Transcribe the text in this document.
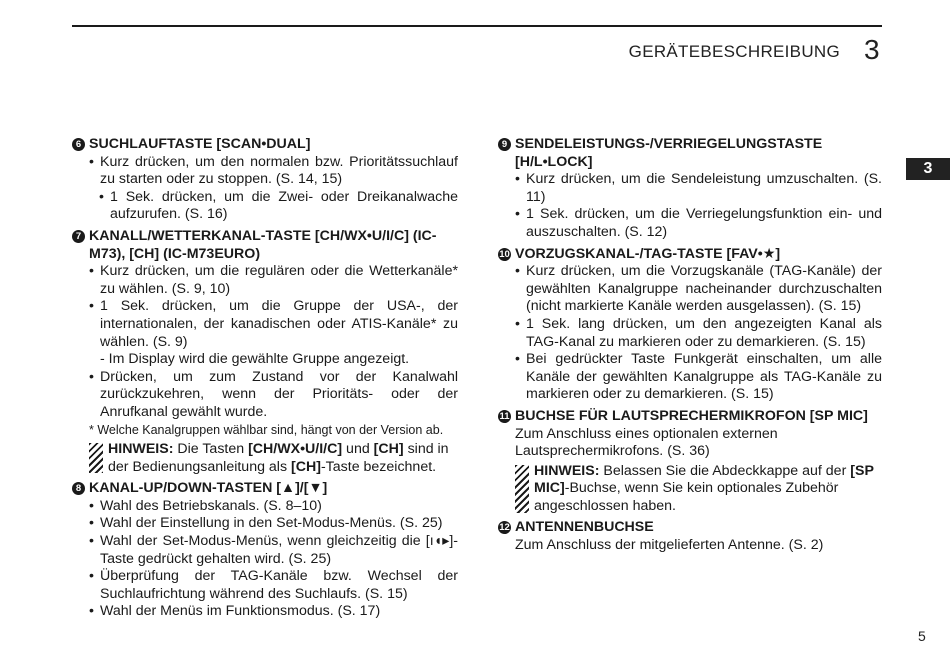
GERÄTEBESCHREIBUNG 3
3
5
6 SUCHLAUFTASTE [SCAN•DUAL]
• Kurz drücken, um den normalen bzw. Prioritätssuchlauf zu starten oder zu stoppen. (S. 14, 15)
• 1 Sek. drücken, um die Zwei- oder Dreikanalwache aufzurufen. (S. 16)
7 KANALL/WETTERKANAL-TASTE [CH/WX•U/I/C] (IC-M73), [CH] (IC-M73EURO)
• Kurz drücken, um die regulären oder die Wetterkanäle* zu wählen. (S. 9, 10)
• 1 Sek. drücken, um die Gruppe der USA-, der internationalen, der kanadischen oder ATIS-Kanäle* zu wählen. (S. 9)
- Im Display wird die gewählte Gruppe angezeigt.
• Drücken, um zum Zustand vor der Kanalwahl zurückzukehren, wenn der Prioritäts- oder der Anrufkanal gewählt wurde.
* Welche Kanalgruppen wählbar sind, hängt von der Version ab.
HINWEIS: Die Tasten [CH/WX•U/I/C] und [CH] sind in der Bedienungsanleitung als [CH]-Taste bezeichnet.
8 KANAL-UP/DOWN-TASTEN [▲]/[▼]
• Wahl des Betriebskanals. (S. 8–10)
• Wahl der Einstellung in den Set-Modus-Menüs. (S. 25)
• Wahl der Set-Modus-Menüs, wenn gleichzeitig die [ı◖▸]-Taste gedrückt gehalten wird. (S. 25)
• Überprüfung der TAG-Kanäle bzw. Wechsel der Suchlaufrichtung während des Suchlaufs. (S. 15)
• Wahl der Menüs im Funktionsmodus. (S. 17)
9 SENDELEISTUNGS-/VERRIEGELUNGSTASTE [H/L•LOCK]
• Kurz drücken, um die Sendeleistung umzuschalten. (S. 11)
• 1 Sek. drücken, um die Verriegelungsfunktion ein- und auszuschalten. (S. 12)
10 VORZUGSKANAL-/TAG-TASTE [FAV•★]
• Kurz drücken, um die Vorzugskanäle (TAG-Kanäle) der gewählten Kanalgruppe nacheinander durchzuschalten (nicht markierte Kanäle werden ausgelassen). (S. 15)
• 1 Sek. lang drücken, um den angezeigten Kanal als TAG-Kanal zu markieren oder zu demarkieren. (S. 15)
• Bei gedrückter Taste Funkgerät einschalten, um alle Kanäle der gewählten Kanalgruppe als TAG-Kanäle zu markieren oder zu demarkieren. (S. 15)
11 BUCHSE FÜR LAUTSPRECHERMIKROFON [SP MIC]
Zum Anschluss eines optionalen externen Lautsprechermikrofons. (S. 36)
HINWEIS: Belassen Sie die Abdeckkappe auf der [SP MIC]-Buchse, wenn Sie kein optionales Zubehör angeschlossen haben.
12 ANTENNENBUCHSE
Zum Anschluss der mitgelieferten Antenne. (S. 2)
